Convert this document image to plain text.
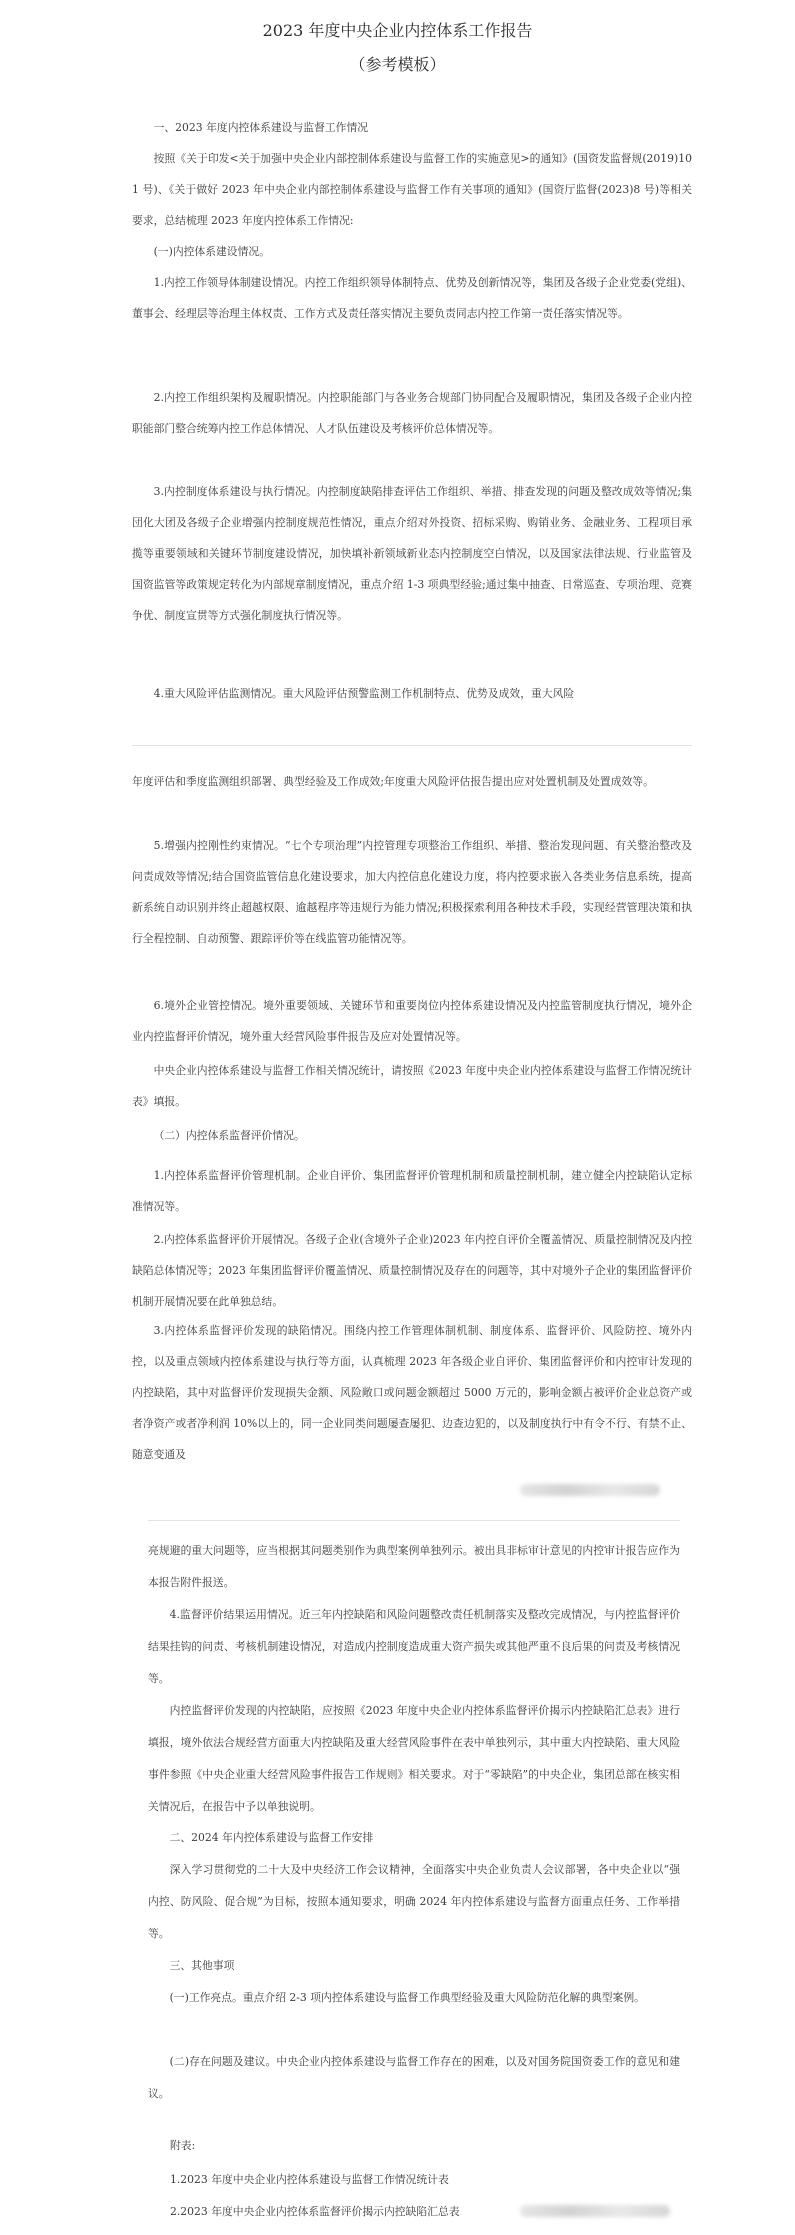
2023 年度中央企业内控体系工作报告
（参考模板）
一、2023 年度内控体系建设与监督工作情况
按照《关于印发<关于加强中央企业内部控制体系建设与监督工作的实施意见>的通知》(国资发监督规(2019)101 号)、《关于做好 2023 年中央企业内部控制体系建设与监督工作有关事项的通知》(国资厅监督(2023)8 号)等相关要求，总结梳理 2023 年度内控体系工作情况:
(一)内控体系建设情况。
1.内控工作领导体制建设情况。内控工作组织领导体制特点、优势及创新情况等，集团及各级子企业党委(党组)、董事会、经理层等治理主体权责、工作方式及责任落实情况主要负责同志内控工作第一责任落实情况等。
2.内控工作组织架构及履职情况。内控职能部门与各业务合规部门协同配合及履职情况，集团及各级子企业内控职能部门整合统筹内控工作总体情况、人才队伍建设及考核评价总体情况等。
3.内控制度体系建设与执行情况。内控制度缺陷排查评估工作组织、举措、排查发现的问题及整改成效等情况;集団化大团及各级子企业增强内控制度规范性情况，重点介绍对外投资、招标采购、购销业务、金融业务、工程项目承揽等重要领域和关键环节制度建设情况，加快填补新领域新业态内控制度空白情况，以及国家法律法规、行业监管及国资监管等政策规定转化为内部规章制度情况，重点介绍 1-3 项典型经验;通过集中抽查、日常巡查、专项治理、竞赛争优、制度宣贯等方式强化制度执行情况等。
4.重大风险评估监测情况。重大风险评估预警监测工作机制特点、优势及成效，重大风险
年度评估和季度监测组织部署、典型经验及工作成效;年度重大风险评估报告提出应对处置机制及处置成效等。
5.增强内控刚性约束情况。“七个专项治理”内控管理专项整治工作组织、举措、整治发现问题、有关整治整改及问责成效等情况;结合国资监管信息化建设要求，加大内控信息化建设力度，将内控要求嵌入各类业务信息系统，提高新系统自动识别并终止超越权限、逾越程序等违规行为能力情况;积极探索利用各种技术手段，实现经营管理决策和执行全程控制、自动预警、跟踪评价等在线监管功能情况等。
6.境外企业管控情况。境外重要领域、关键环节和重要岗位内控体系建设情况及内控监管制度执行情况，境外企业内控监督评价情况，境外重大经营风险事件报告及应对处置情况等。
中央企业内控体系建设与监督工作相关情况统计，请按照《2023 年度中央企业内控体系建设与监督工作情况统计表》填报。
（二）内控体系监督评价情况。
1.内控体系监督评价管理机制。企业自评价、集团监督评价管理机制和质量控制机制，建立健全内控缺陷认定标准情况等。
2.内控体系监督评价开展情况。各级子企业(含境外子企业)2023 年内控自评价全覆盖情况、质量控制情况及内控缺陷总体情况等；2023 年集团监督评价覆盖情况、质量控制情况及存在的问题等，其中对境外子企业的集团监督评价机制开展情况要在此单独总结。
3.内控体系监督评价发现的缺陷情况。围绕内控工作管理体制机制、制度体系、监督评价、风险防控、境外内控，以及重点领域内控体系建设与执行等方面，认真梳理 2023 年各级企业自评价、集团监督评价和内控审计发现的内控缺陷，其中对监督评价发现损失金额、风险敞口或问题金额超过 5000 万元的，影响金额占被评价企业总资产或者净资产或者净利润 10%以上的，同一企业同类问题屡查屡犯、边查边犯的，以及制度执行中有令不行、有禁不止、随意变通及
亮规避的重大问题等，应当根据其问题类别作为典型案例单独列示。被出具非标审计意见的内控审计报告应作为本报告附件报送。
4.监督评价结果运用情况。近三年内控缺陷和风险问题整改责任机制落实及整改完成情况，与内控监督评价结果挂钩的问责、考核机制建设情况，对造成内控制度造成重大资产损失或其他严重不良后果的问责及考核情况等。
内控监督评价发现的内控缺陷，应按照《2023 年度中央企业内控体系监督评价揭示内控缺陷汇总表》进行填报，境外依法合规经营方面重大内控缺陷及重大经营风险事件在表中单独列示，其中重大内控缺陷、重大风险事件参照《中央企业重大经营风险事件报告工作规则》相关要求。对于“零缺陷”的中央企业，集团总部在核实相关情况后，在报告中予以单独说明。
二、2024 年内控体系建设与监督工作安排
深入学习贯彻党的二十大及中央经济工作会议精神，全面落实中央企业负责人会议部署，各中央企业以“强内控、防风险、促合规”为目标，按照本通知要求，明确 2024 年内控体系建设与监督方面重点任务、工作举措等。
三、其他事项
(一)工作亮点。重点介绍 2-3 项内控体系建设与监督工作典型经验及重大风险防范化解的典型案例。
(二)存在问题及建议。中央企业内控体系建设与监督工作存在的困难，以及对国务院国资委工作的意见和建议。
附表:
1.2023 年度中央企业内控体系建设与监督工作情况统计表
2.2023 年度中央企业内控体系监督评价揭示内控缺陷汇总表
